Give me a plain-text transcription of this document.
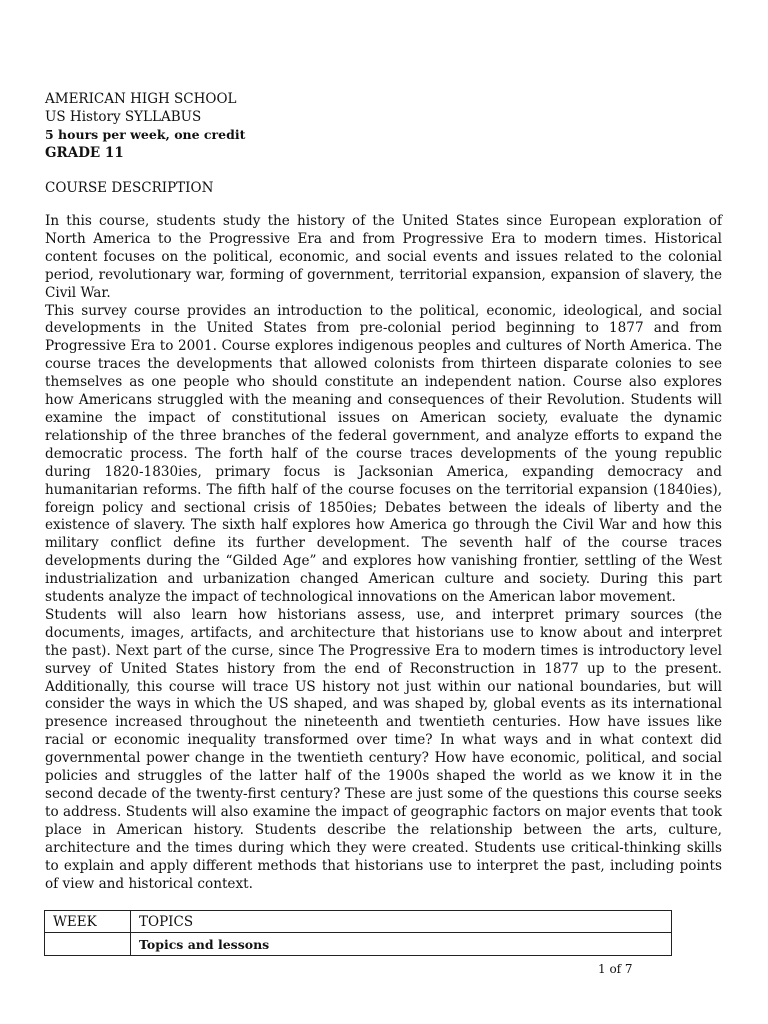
AMERICAN HIGH SCHOOL
US History SYLLABUS
5 hours per week, one credit
GRADE 11
COURSE DESCRIPTION

In this course, students study the history of the United States since European exploration of North America to the Progressive Era and from Progressive Era to modern times. Historical content focuses on the political, economic, and social events and issues related to the colonial period, revolutionary war, forming of government, territorial expansion, expansion of slavery, the Civil War.

This survey course provides an introduction to the political, economic, ideological, and social developments in the United States from pre-colonial period beginning to 1877 and from Progressive Era to 2001. Course explores indigenous peoples and cultures of North America. The course traces the developments that allowed colonists from thirteen disparate colonies to see themselves as one people who should constitute an independent nation. Course also explores how Americans struggled with the meaning and consequences of their Revolution. Students will examine the impact of constitutional issues on American society, evaluate the dynamic relationship of the three branches of the federal government, and analyze efforts to expand the democratic process. The forth half of the course traces developments of the young republic during 1820-1830ies, primary focus is Jacksonian America, expanding democracy and humanitarian reforms. The fifth half of the course focuses on the territorial expansion (1840ies), foreign policy and sectional crisis of 1850ies; Debates between the ideals of liberty and the existence of slavery. The sixth half explores how America go through the Civil War and how this military conflict define its further development. The seventh half of the course traces developments during the “Gilded Age” and explores how vanishing frontier, settling of the West industrialization and urbanization changed American culture and society. During this part students analyze the impact of technological innovations on the American labor movement.

Students will also learn how historians assess, use, and interpret primary sources (the documents, images, artifacts, and architecture that historians use to know about and interpret the past). Next part of the curse, since The Progressive Era to modern times is introductory level survey of United States history from the end of Reconstruction in 1877 up to the present. Additionally, this course will trace US history not just within our national boundaries, but will consider the ways in which the US shaped, and was shaped by, global events as its international presence increased throughout the nineteenth and twentieth centuries. How have issues like racial or economic inequality transformed over time? In what ways and in what context did governmental power change in the twentieth century? How have economic, political, and social policies and struggles of the latter half of the 1900s shaped the world as we know it in the second decade of the twenty-first century? These are just some of the questions this course seeks to address. Students will also examine the impact of geographic factors on major events that took place in American history. Students describe the relationship between the arts, culture, architecture and the times during which they were created. Students use critical-thinking skills to explain and apply different methods that historians use to interpret the past, including points of view and historical context.

WEEK	TOPICS
	Topics and lessons
1 of 7
